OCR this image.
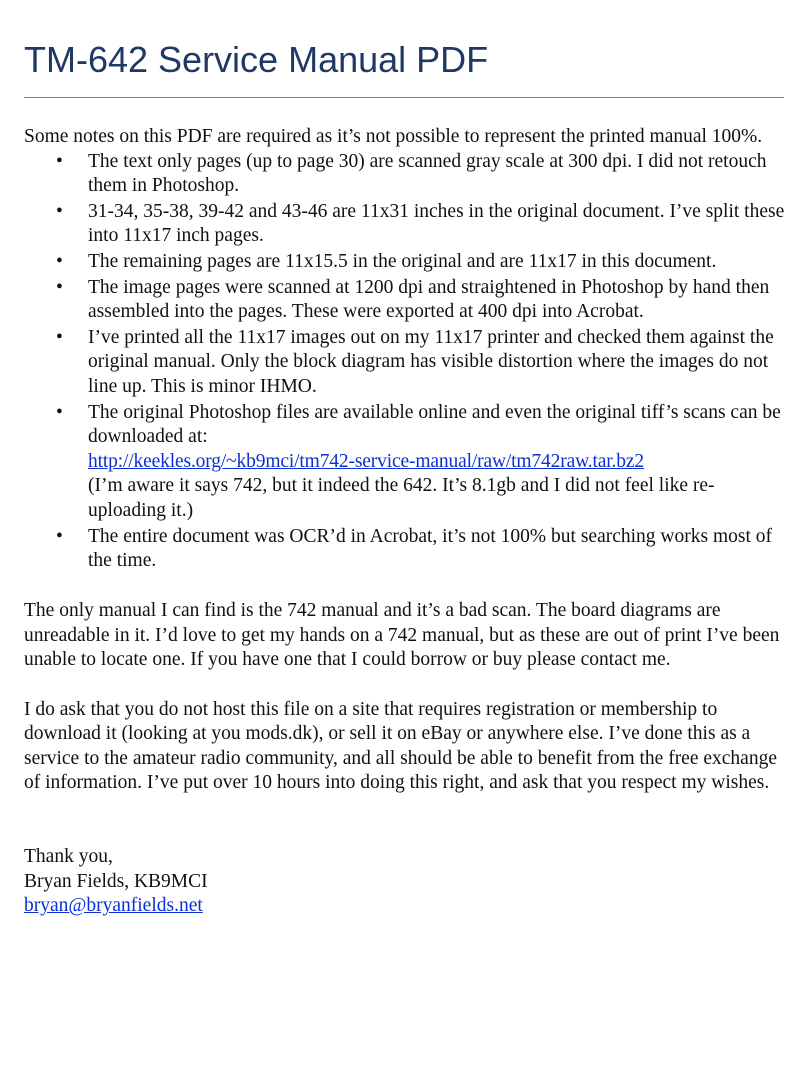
TM-642 Service Manual PDF

Some notes on this PDF are required as it’s not possible to represent the printed manual 100%.

• The text only pages (up to page 30) are scanned gray scale at 300 dpi. I did not retouch them in Photoshop.
• 31-34, 35-38, 39-42 and 43-46 are 11x31 inches in the original document. I’ve split these into 11x17 inch pages.
• The remaining pages are 11x15.5 in the original and are 11x17 in this document.
• The image pages were scanned at 1200 dpi and straightened in Photoshop by hand then assembled into the pages. These were exported at 400 dpi into Acrobat.
• I’ve printed all the 11x17 images out on my 11x17 printer and checked them against the original manual. Only the block diagram has visible distortion where the images do not line up. This is minor IHMO.
• The original Photoshop files are available online and even the original tiff’s scans can be downloaded at:
http://keekles.org/~kb9mci/tm742-service-manual/raw/tm742raw.tar.bz2
(I’m aware it says 742, but it indeed the 642. It’s 8.1gb and I did not feel like re-uploading it.)
• The entire document was OCR’d in Acrobat, it’s not 100% but searching works most of the time.

The only manual I can find is the 742 manual and it’s a bad scan. The board diagrams are unreadable in it. I’d love to get my hands on a 742 manual, but as these are out of print I’ve been unable to locate one. If you have one that I could borrow or buy please contact me.

I do ask that you do not host this file on a site that requires registration or membership to download it (looking at you mods.dk), or sell it on eBay or anywhere else. I’ve done this as a service to the amateur radio community, and all should be able to benefit from the free exchange of information. I’ve put over 10 hours into doing this right, and ask that you respect my wishes.

Thank you,

Bryan Fields, KB9MCI

bryan@bryanfields.net
